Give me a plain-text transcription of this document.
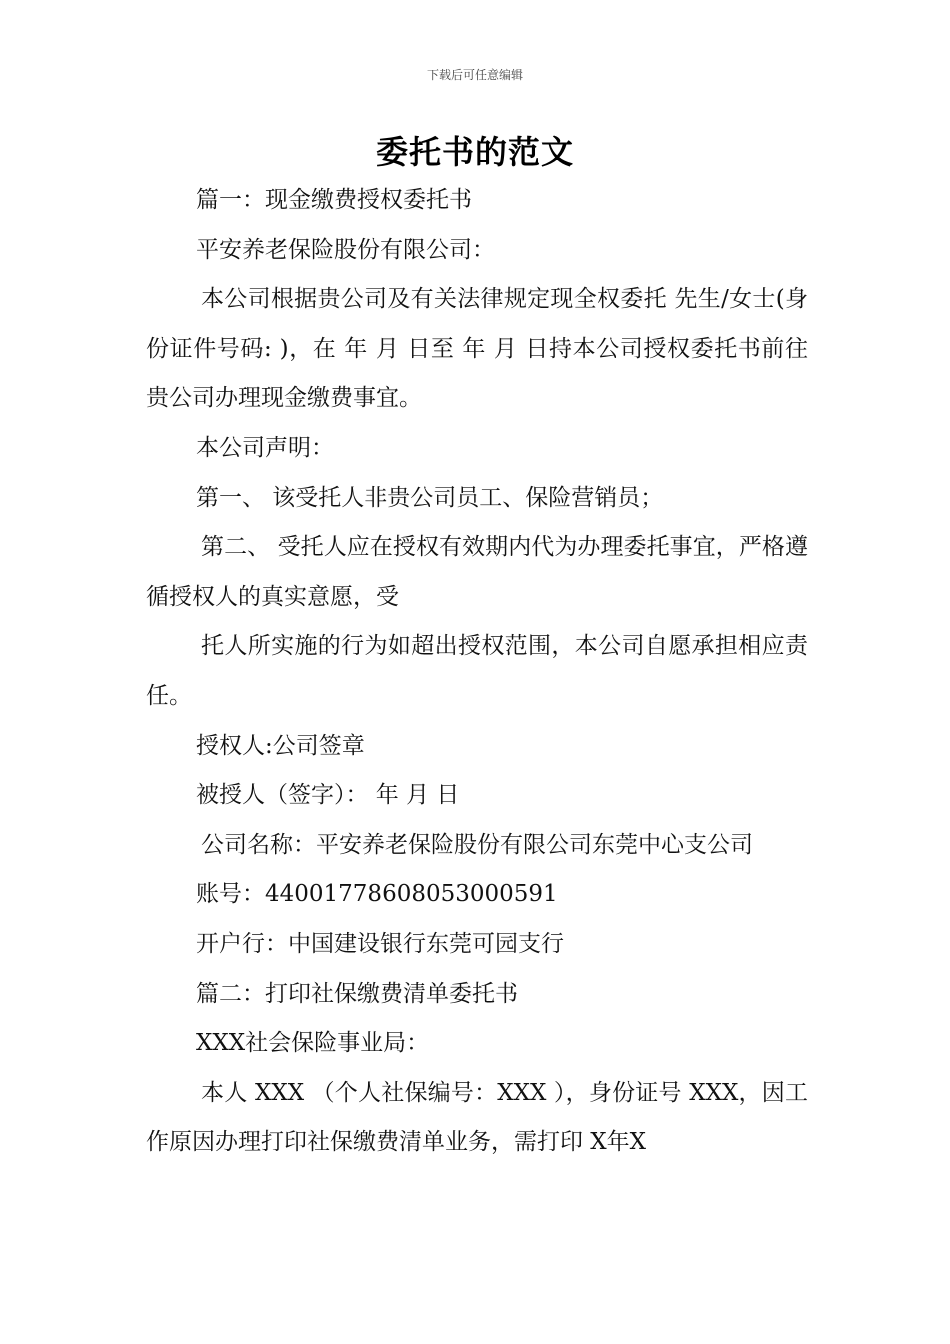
下载后可任意编辑
委托书的范文

篇一：现金缴费授权委托书

平安养老保险股份有限公司：

本公司根据贵公司及有关法律规定现全权委托 先生/女士(身份证件号码: )，在 年 月 日至 年 月 日持本公司授权委托书前往贵公司办理现金缴费事宜。

本公司声明：

第一、 该受托人非贵公司员工、保险营销员；

第二、 受托人应在授权有效期内代为办理委托事宜，严格遵循授权人的真实意愿，受

托人所实施的行为如超出授权范围，本公司自愿承担相应责任。

授权人:公司签章

被授人（签字）： 年 月 日

公司名称：平安养老保险股份有限公司东莞中心支公司

账号：44001778608053000591

开户行：中国建设银行东莞可园支行

篇二：打印社保缴费清单委托书

XXX社会保险事业局：

本人 XXX （个人社保编号：XXX ），身份证号 XXX，因工作原因办理打印社保缴费清单业务，需打印 X年X
